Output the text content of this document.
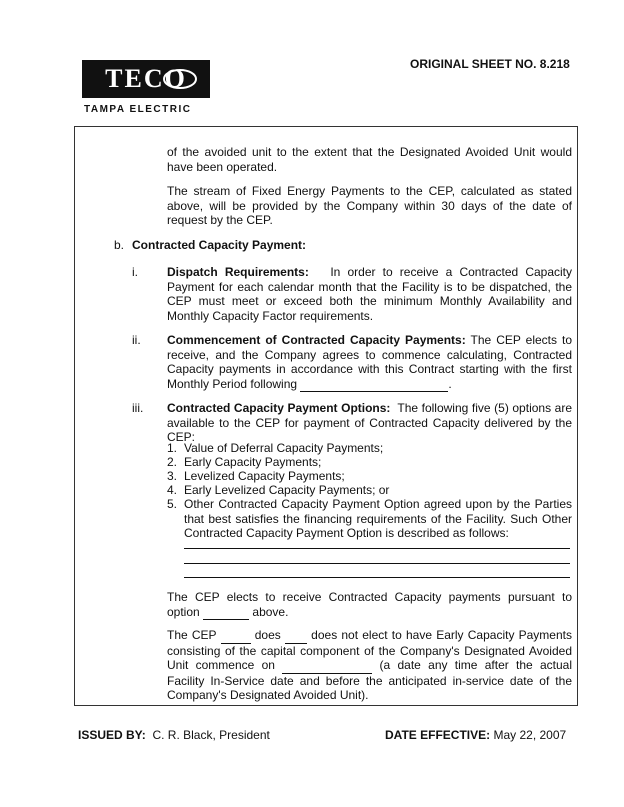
TECO
TAMPA ELECTRIC
ORIGINAL SHEET NO. 8.218
of the avoided unit to the extent that the Designated Avoided Unit would have been operated.
The stream of Fixed Energy Payments to the CEP, calculated as stated above, will be provided by the Company within 30 days of the date of request by the CEP.
b. Contracted Capacity Payment:
i. Dispatch Requirements: In order to receive a Contracted Capacity Payment for each calendar month that the Facility is to be dispatched, the CEP must meet or exceed both the minimum Monthly Availability and Monthly Capacity Factor requirements.
ii. Commencement of Contracted Capacity Payments: The CEP elects to receive, and the Company agrees to commence calculating, Contracted Capacity payments in accordance with this Contract starting with the first Monthly Period following	.
iii. Contracted Capacity Payment Options: The following five (5) options are available to the CEP for payment of Contracted Capacity delivered by the CEP:
1. Value of Deferral Capacity Payments;
2. Early Capacity Payments;
3. Levelized Capacity Payments;
4. Early Levelized Capacity Payments; or
5. Other Contracted Capacity Payment Option agreed upon by the Parties that best satisfies the financing requirements of the Facility. Such Other Contracted Capacity Payment Option is described as follows:
The CEP elects to receive Contracted Capacity payments pursuant to option	above.
The CEP	does	does not elect to have Early Capacity Payments consisting of the capital component of the Company's Designated Avoided Unit commence on	(a date any time after the actual Facility In-Service date and before the anticipated in-service date of the Company's Designated Avoided Unit).
ISSUED BY: C. R. Black, President	DATE EFFECTIVE: May 22, 2007
